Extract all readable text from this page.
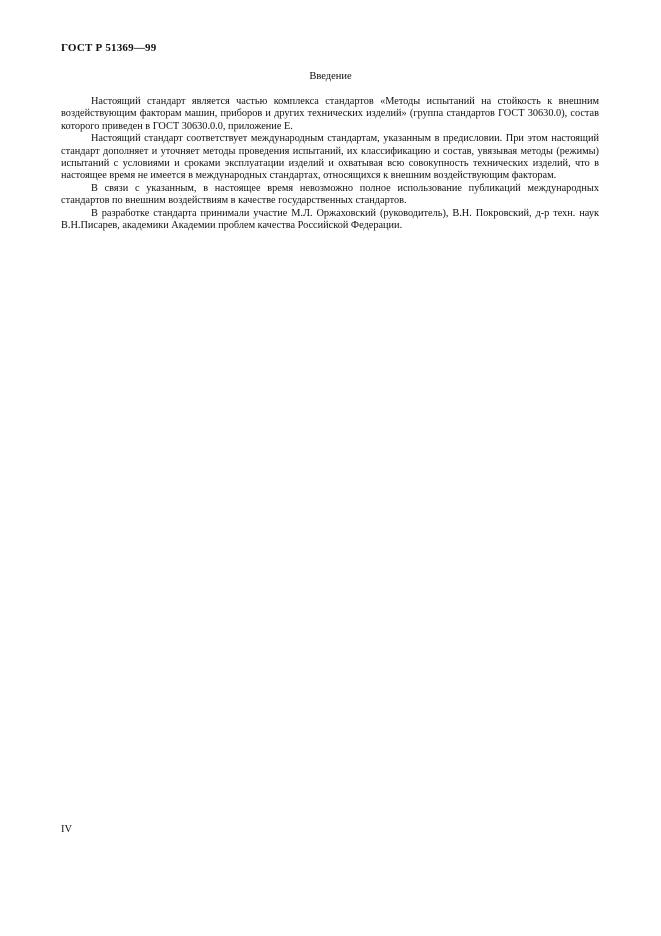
ГОСТ Р 51369—99
Введение

Настоящий стандарт является частью комплекса стандартов «Методы испытаний на стойкость к внешним воздействующим факторам машин, приборов и других технических изделий» (группа стандартов ГОСТ 30630.0), состав которого приведен в ГОСТ 30630.0.0, приложение Е.

Настоящий стандарт соответствует международным стандартам, указанным в предисловии. При этом настоящий стандарт дополняет и уточняет методы проведения испытаний, их классификацию и состав, увязывая методы (режимы) испытаний с условиями и сроками эксплуатации изделий и охватывая всю совокупность технических изделий, что в настоящее время не имеется в международных стандартах, относящихся к внешним воздействующим факторам.

В связи с указанным, в настоящее время невозможно полное использование публикаций международных стандартов по внешним воздействиям в качестве государственных стандартов.

В разработке стандарта принимали участие М.Л. Оржаховский (руководитель), В.Н. Покровский, д-р техн. наук В.Н.Писарев, академики Академии проблем качества Российской Федерации.

IV
